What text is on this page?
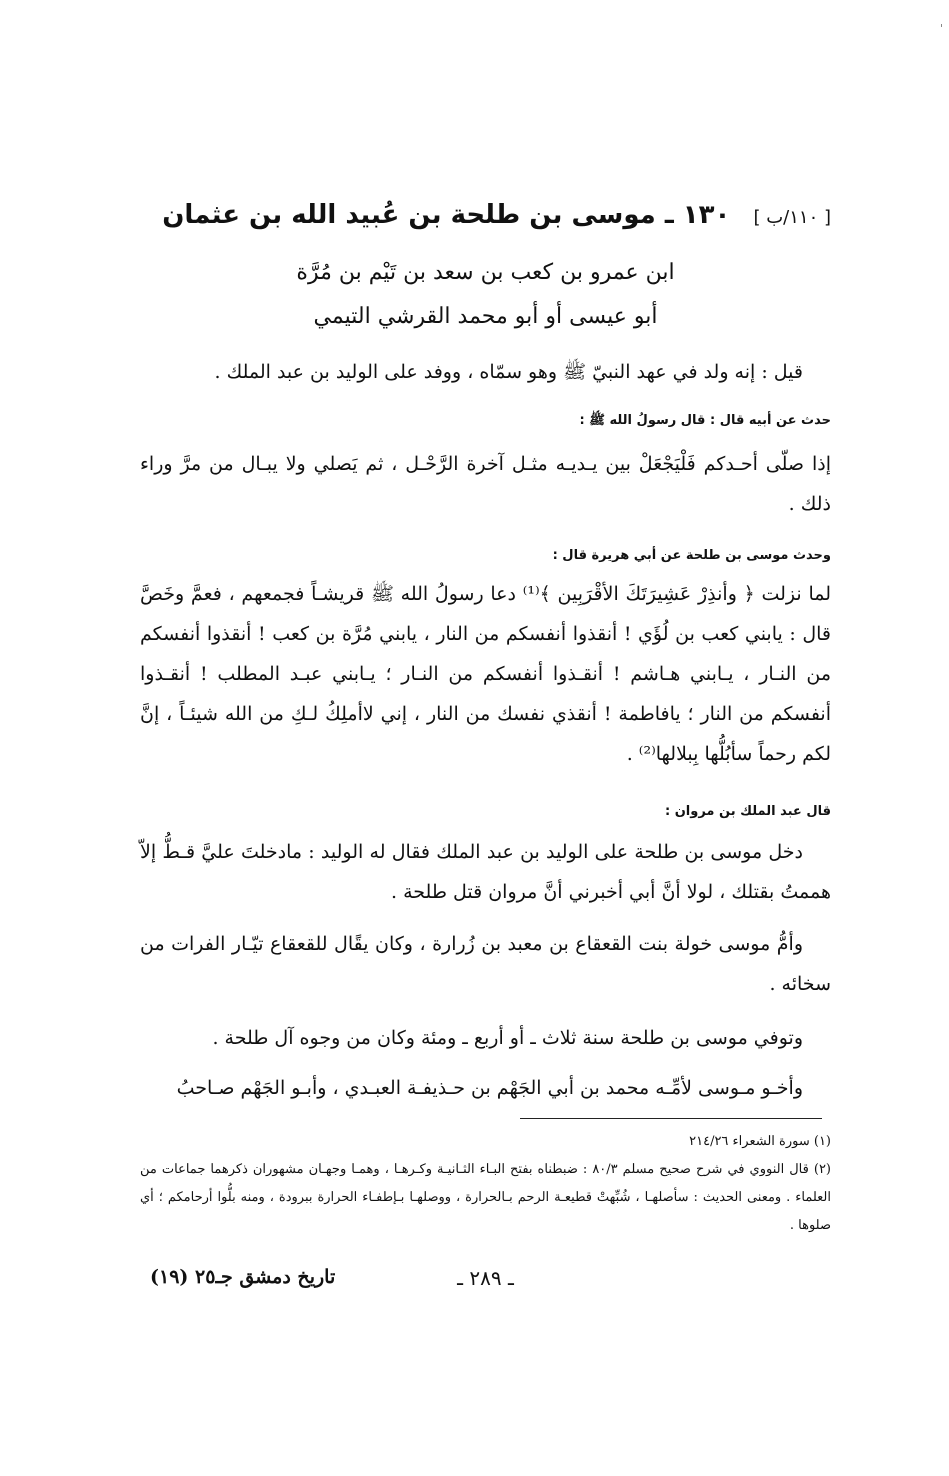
'
[ ١١٠/ب ] ١٣٠ ـ موسى بن طلحة بن عُبيد الله بن عثمان
ابن عمرو بن كعب بن سعد بن تَيْم بن مُرَّة
أبو عيسى أو أبو محمد القرشي التيمي
قيل : إنه ولد في عهد النبيّ ﷺ وهو سمّاه ، ووفد على الوليد بن عبد الملك .
حدث عن أبيه قال : قال رسولُ الله ﷺ :
إذا صلّى أحـدكم فَلْيَجْعَلْ بين يـديـه مثـل آخرة الرَّحْـل ، ثم يَصلي ولا يبـال من مرَّ وراء ذلك .
وحدث موسى بن طلحة عن أبي هريرة قال :
لما نزلت ﴿ وأنذِرْ عَشِيرَتَكَ الأقْرَبِين ﴾⁽¹⁾ دعا رسولُ الله ﷺ قريشـاً فجمعهم ، فعمَّ وخَصَّ قال : يابني كعب بن لُؤَي ! أنقذوا أنفسكم من النار ، يابني مُرَّة بن كعب ! أنقذوا أنفسكم من النـار ، يـابني هـاشم ! أنقـذوا أنفسكم من النـار ؛ يـابني عبـد المطلب ! أنقـذوا أنفسكم من النار ؛ يافاطمة ! أنقذي نفسك من النار ، إني لاأملِكُ لـكِ من الله شيئـاً ، إنَّ لكم رحماً سأبُلُّها بِبلالها⁽²⁾ .
قال عبد الملك بن مروان :
دخل موسى بن طلحة على الوليد بن عبد الملك فقال له الوليد : مادخلتَ عليَّ قـطُّ إلاّ هممتُ بقتلك ، لولا أنَّ أبي أخبرني أنَّ مروان قتل طلحة .
وأمُّ موسى خولة بنت القعقاع بن معبد بن زُرارة ، وكان يقًال للقعقاع تيّـار الفرات من سخائه .
وتوفي موسى بن طلحة سنة ثلاث ـ أو أربع ـ ومئة وكان من وجوه آل طلحة .
وأخـو مـوسى لأمِّـه محمد بن أبي الجَهْم بن حـذيفـة العبـدي ، وأبـو الجَهْم صـاحبُ
(١) سورة الشعراء ٢١٤/٢٦
(٢) قال النووي في شرح صحيح مسلم ٨٠/٣ : ضبطناه بفتح البـاء الثـانيـة وكـرهـا ، وهمـا وجهـان مشهوران ذكرهما جماعات من العلماء . ومعنى الحديث : سأصلهـا ، شُبِّهتْ قطيعـة الرحم بـالحرارة ، ووصلهـا بـإطفـاء الحرارة ببرودة ، ومنه بلُّوا أرحامكم ؛ أي صلوها .
ـ ٢٨٩ ـ
تاريخ دمشق جـ٢٥ (١٩)
